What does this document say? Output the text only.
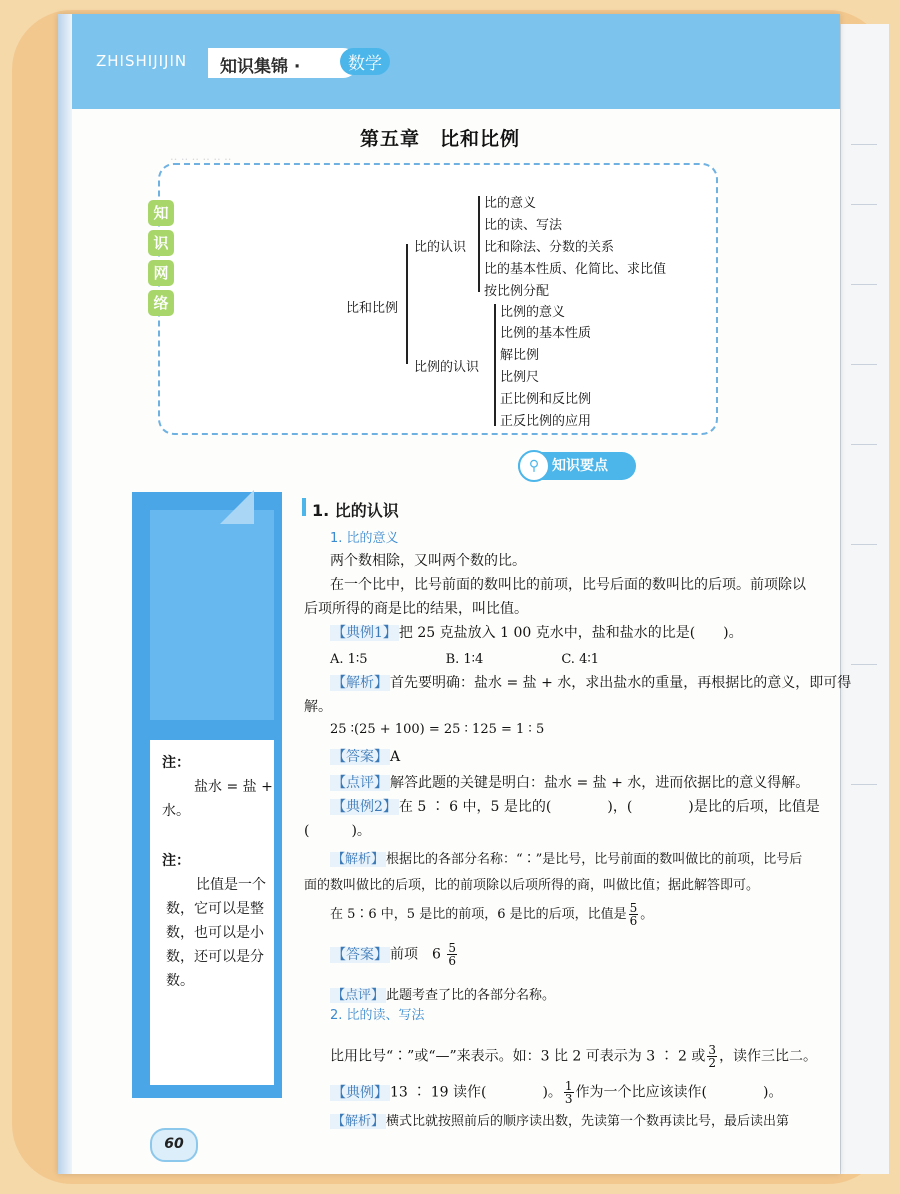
ZHISHIJIJIN 知识集锦 ·	数学
‥ ‥ ‥ ‥ ‥ ‥
第五章　比和比例
知
识
网
络	比和比例
比的认识
比例的认识
比的意义
比的读、写法
比和除法、分数的关系
比的基本性质、化简比、求比值
按比例分配
比例的意义
比例的基本性质
解比例
比例尺
正比例和反比例
正反比例的应用
知识要点
⚲
注：
盐水 = 盐 +
水。
注：
比值是一个
数，它可以是整
数，也可以是小
数，还可以是分
数。
1. 比的认识
1. 比的意义
两个数相除，又叫两个数的比。
在一个比中，比号前面的数叫比的前项，比号后面的数叫比的后项。前项除以
后项所得的商是比的结果，叫比值。
【典例1】 把 25 克盐放入 1 00 克水中，盐和盐水的比是(　　)。
A. 1∶5　　　　　　B. 1∶4　　　　　　C. 4∶1
【解析】 首先要明确：盐水 = 盐 + 水，求出盐水的重量，再根据比的意义，即可得
解。
25 ∶(25 + 100) = 25 ∶ 125 = 1 ∶ 5
【答案】 A
【点评】 解答此题的关键是明白：盐水 = 盐 + 水，进而依据比的意义得解。
【典例2】 在 5 ∶ 6 中，5 是比的(　　　　)，(　　　　)是比的后项，比值是
(　　　)。
【解析】 根据比的各部分名称：“∶”是比号，比号前面的数叫做比的前项，比号后
面的数叫做比的后项，比的前项除以后项所得的商，叫做比值；据此解答即可。
在 5∶6 中，5 是比的前项，6 是比的后项，比值是 $\frac{5}{6}$ 。
【答案】 前项　$6 \frac{5}{6}$
【点评】 此题考查了比的各部分名称。
2. 比的读、写法
比用比号“∶”或“—”来表示。如：3 比 2 可表示为 3 ∶ 2 或 $\frac{3}{2}$ ，读作三比二。
【典例】 13 ∶ 19 读作(　　　　)。 $\frac{1}{3}$ 作为一个比应该读作(　　　　)。
【解析】 横式比就按照前后的顺序读出数，先读第一个数再读比号，最后读出第
60
